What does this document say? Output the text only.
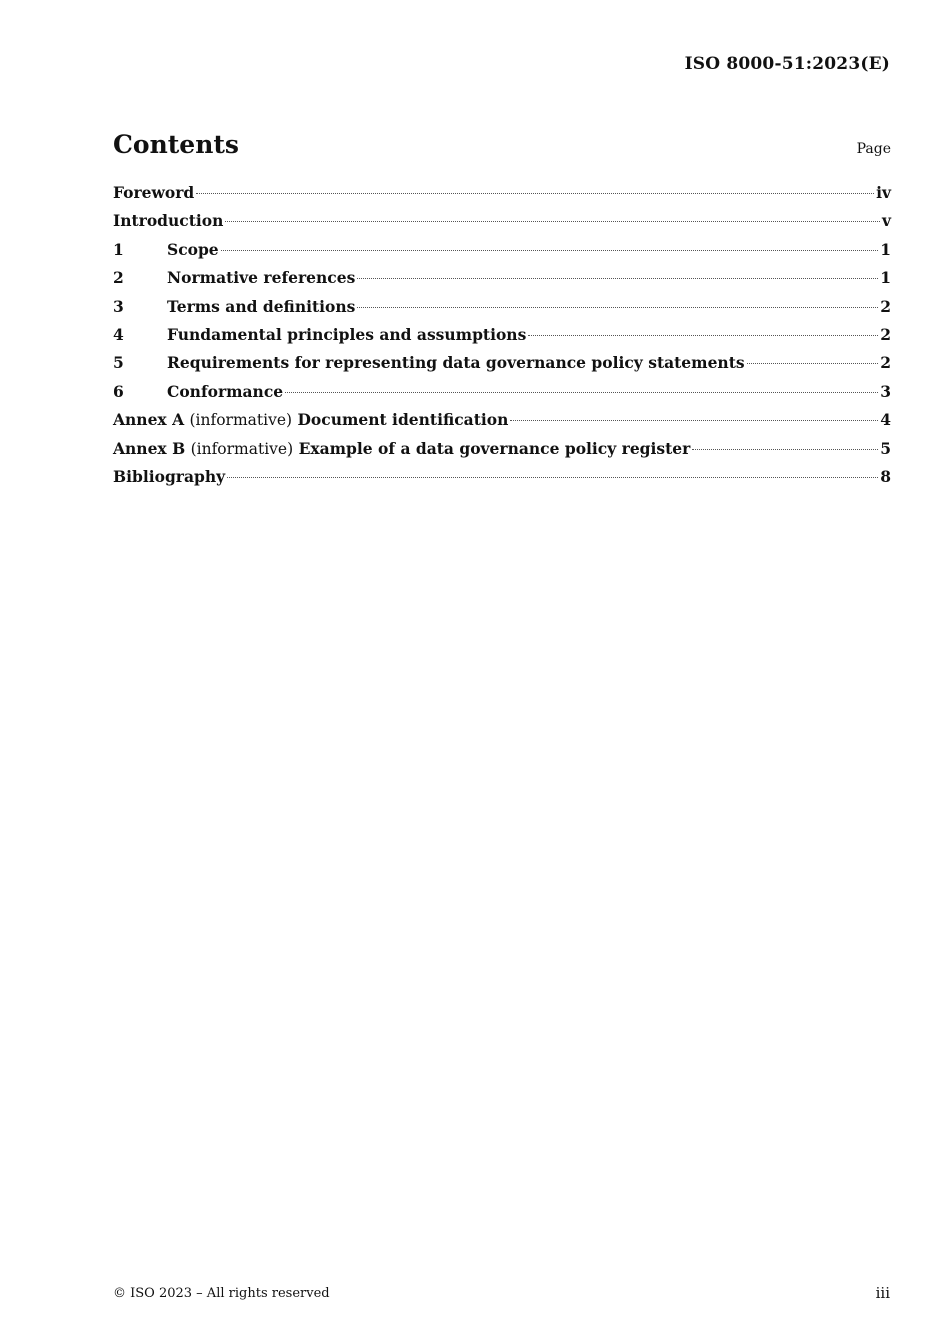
ISO 8000-51:2023(E)
Contents	Page
Foreword	iv
Introduction	v
1	Scope	1
2	Normative references	1
3	Terms and definitions	2
4	Fundamental principles and assumptions	2
5	Requirements for representing data governance policy statements	2
6	Conformance	3
Annex A (informative) Document identification	4
Annex B (informative) Example of a data governance policy register	5
Bibliography	8
© ISO 2023 – All rights reserved	iii
